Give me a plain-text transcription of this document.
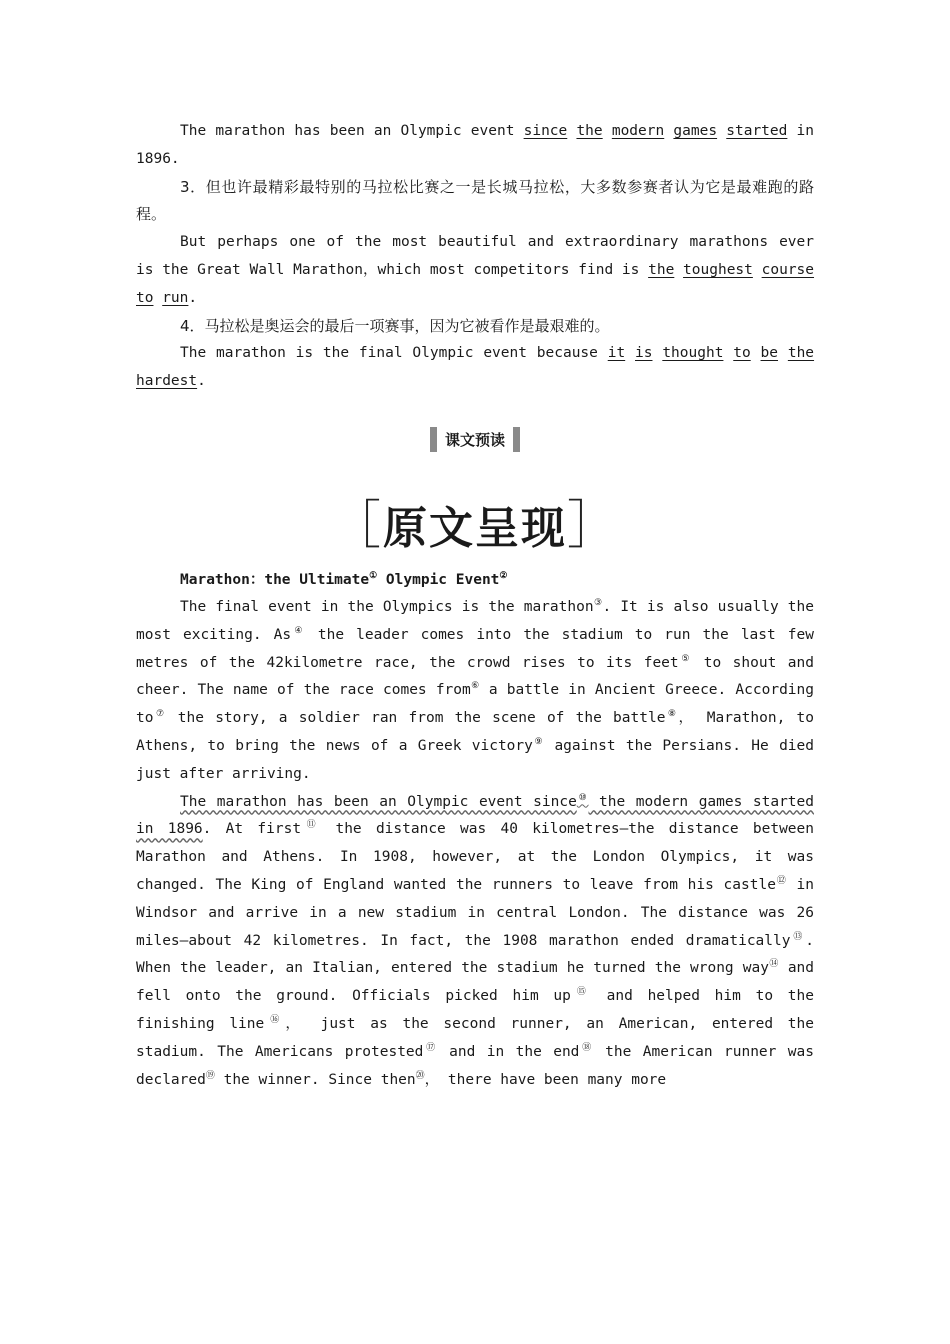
The marathon has been an Olympic event since the modern games started in 1896.

3．但也许最精彩最特别的马拉松比赛之一是长城马拉松，大多数参赛者认为它是最难跑的路程。

But perhaps one of the most beautiful and extraordinary marathons ever is the Great Wall Marathon，which most competitors find is the toughest course to run.

4．马拉松是奥运会的最后一项赛事，因为它被看作是最艰难的。

The marathon is the final Olympic event because it is thought to be the hardest.

课文预读
［原文呈现］
Marathon：the Ultimate① Olympic Event②

The final event in the Olympics is the marathon③. It is also usually the most exciting. As④ the leader comes into the stadium to run the last few metres of the 42kilometre race, the crowd rises to its feet⑤ to shout and cheer. The name of the race comes from⑥ a battle in Ancient Greece. According to⑦ the story, a soldier ran from the scene of the battle⑧， Marathon, to Athens, to bring the news of a Greek victory⑨ against the Persians. He died just after arriving.

The marathon has been an Olympic event since⑩ the modern games started in 1896. At first⑪ the distance was 40 kilometres—the distance between Marathon and Athens. In 1908, however, at the London Olympics, it was changed. The King of England wanted the runners to leave from his castle⑫ in Windsor and arrive in a new stadium in central London. The distance was 26 miles—about 42 kilometres. In fact, the 1908 marathon ended dramatically⑬. When the leader, an Italian, entered the stadium he turned the wrong way⑭ and fell onto the ground. Officials picked him up⑮ and helped him to the finishing line⑯， just as the second runner, an American, entered the stadium. The Americans protested⑰ and in the end⑱ the American runner was declared⑲ the winner. Since then⑳， there have been many more
